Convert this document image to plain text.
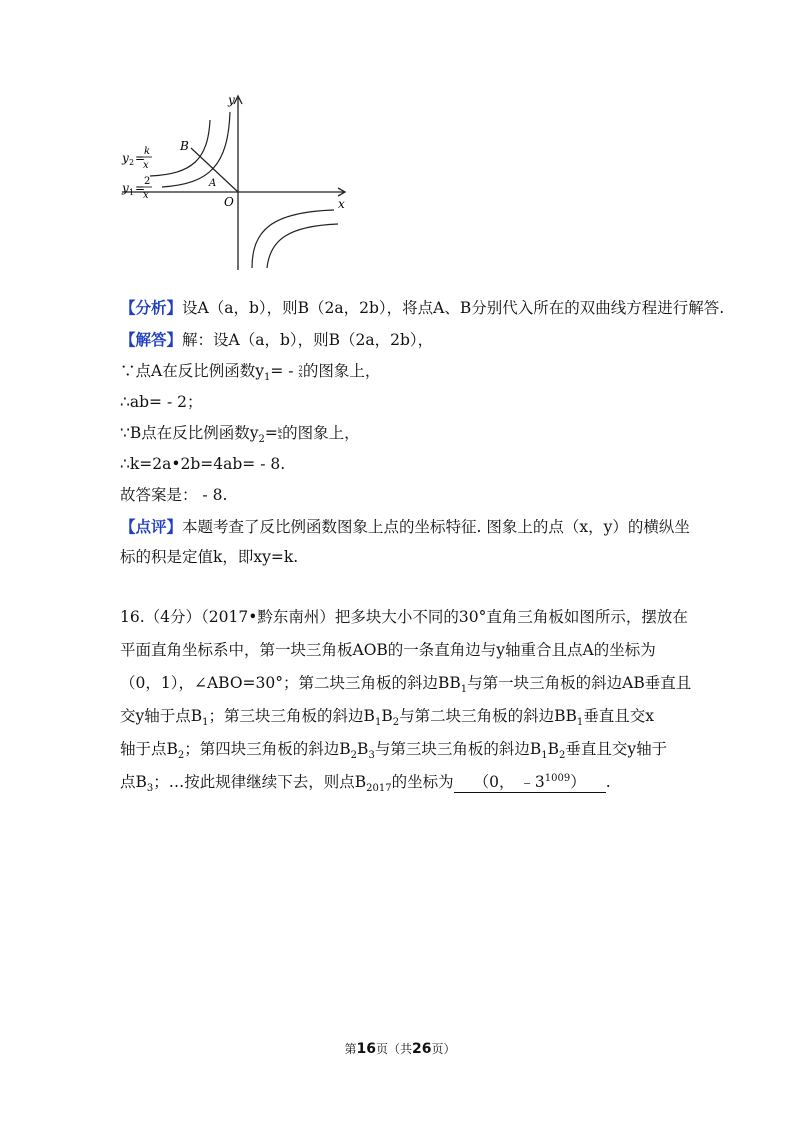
y
x
O
B
A
y 2 =
k
x
y 1 =
2
x
【分析】设A（a，b），则B（2a，2b），将点A、B分别代入所在的双曲线方程进行解答.
【解答】解：设A（a，b），则B（2a，2b），
∵点A在反比例函数$y_1= - 2$
x的图象上，
∴ab= - 2；
∵B点在反比例函数$y_2=k$
x的图象上，
∴k=2a•2b=4ab= - 8.
故答案是： - 8.
【点评】本题考查了反比例函数图象上点的坐标特征. 图象上的点（x，y）的横纵坐
标的积是定值k，即xy=k.
16.（4分）（2017•黔东南州）把多块大小不同的30°直角三角板如图所示，摆放在
平面直角坐标系中，第一块三角板AOB的一条直角边与y轴重合且点A的坐标为
（0，1），∠ABO=30°；第二块三角板的斜边$BB_1$与第一块三角板的斜边AB垂直且
交y轴于点$B_1$；第三块三角板的斜边$B_1B_2$与第二块三角板的斜边$BB_1$垂直且交x
轴于点$B_2$；第四块三角板的斜边$B_2B_3$与第三块三角板的斜边$B_1B_2$垂直且交y轴于
点$B_3$；…按此规律继续下去，则点$B_{2017}$的坐标为 （0， $﹣3^{1009}$） .
第16页（共26页）
